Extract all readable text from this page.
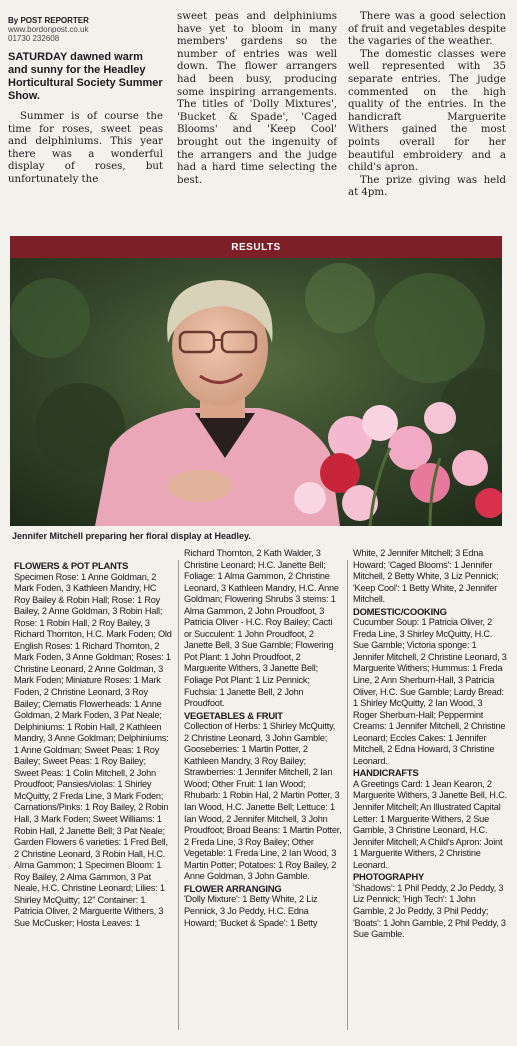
By POST REPORTER
www.bordonpost.co.uk
01730 232608
SATURDAY dawned warm and sunny for the Headley Horticultural Society Summer Show.

Summer is of course the time for roses, sweet peas and delphiniums. This year there was a wonderful display of roses, but unfortunately the

sweet peas and delphiniums have yet to bloom in many members' gardens so the number of entries was well down. The flower arrangers had been busy, producing some inspiring arrangements. The titles of 'Dolly Mixtures', 'Bucket & Spade', 'Caged Blooms' and 'Keep Cool' brought out the ingenuity of the arrangers and the judge had a hard time selecting the best.

There was a good selection of fruit and vegetables despite the vagaries of the weather.

The domestic classes were well represented with 35 separate entries. The judge commented on the high quality of the entries. In the handicraft Marguerite Withers gained the most points overall for her beautiful embroidery and a child's apron.

The prize giving was held at 4pm.

RESULTS
Jennifer Mitchell preparing her floral display at Headley.
FLOWERS & POT PLANTS

Specimen Rose: 1 Anne Goldman, 2 Mark Foden, 3 Kathleen Mandry, HC Roy Bailey & Robin Hall; Rose: 1 Roy Bailey, 2 Anne Goldman, 3 Robin Hall; Rose: 1 Robin Hall, 2 Roy Bailey, 3 Richard Thornton, H.C. Mark Foden; Old English Roses: 1 Richard Thornton, 2 Mark Foden, 3 Anne Goldman; Roses: 1 Christine Leonard, 2 Anne Goldman, 3 Mark Foden; Miniature Roses: 1 Mark Foden, 2 Christine Leonard, 3 Roy Bailey; Clematis Flowerheads: 1 Anne Goldman, 2 Mark Foden, 3 Pat Neale; Delphiniums: 1 Robin Hall, 2 Kathleen Mandry, 3 Anne Goldman; Delphiniums: 1 Anne Goldman; Sweet Peas: 1 Roy Bailey; Sweet Peas: 1 Roy Bailey; Sweet Peas: 1 Colin Mitchell, 2 John Proudfoot; Pansies/violas: 1 Shirley McQuitty, 2 Freda Line, 3 Mark Foden; Carnations/Pinks: 1 Roy Bailey, 2 Robin Hall, 3 Mark Foden; Sweet Williams: 1 Robin Hall, 2 Janette Bell; 3 Pat Neale; Garden Flowers 6 varieties: 1 Fred Bell, 2 Christine Leonard, 3 Robin Hall, H.C. Alma Gammon; 1 Specimen Bloom: 1 Roy Bailey, 2 Alma Gammon, 3 Pat Neale, H.C. Christine Leonard; Lilies: 1 Shirley McQuitty; 12" Container: 1 Patricia Oliver, 2 Marguerite Withers, 3 Sue McCusker; Hosta Leaves: 1

Richard Thornton, 2 Kath Walder, 3 Christine Leonard; H.C. Janette Bell; Foliage: 1 Alma Gammon, 2 Christine Leonard, 3 Kathleen Mandry, H.C. Anne Goldman; Flowering Shrubs 3 stems: 1 Alma Gammon, 2 John Proudfoot, 3 Patricia Oliver - H.C. Roy Bailey; Cacti or Succulent: 1 John Proudfoot, 2 Janette Bell, 3 Sue Gamble; Flowering Pot Plant: 1 John Proudfoot, 2 Marguerite Withers, 3 Janette Bell; Foliage Pot Plant: 1 Liz Pennick; Fuchsia: 1 Janette Bell, 2 John Proudfoot.

VEGETABLES & FRUIT

Collection of Herbs: 1 Shirley McQuitty, 2 Christine Leonard, 3 John Gamble; Gooseberries: 1 Martin Potter, 2 Kathleen Mandry, 3 Roy Bailey; Strawberries: 1 Jennifer Mitchell, 2 Ian Wood; Other Fruit: 1 Ian Wood; Rhubarb: 1 Robin Hal, 2 Martin Potter, 3 Ian Wood, H.C. Janette Bell; Lettuce: 1 Ian Wood, 2 Jennifer Mitchell, 3 John Proudfoot; Broad Beans: 1 Martin Potter, 2 Freda Line, 3 Roy Bailey; Other Vegetable: 1 Freda Line, 2 Ian Wood, 3 Martin Potter; Potatoes: 1 Roy Bailey, 2 Anne Goldman, 3 John Gamble.

FLOWER ARRANGING

'Dolly Mixture': 1 Betty White, 2 Liz Pennick, 3 Jo Peddy, H.C. Edna Howard; 'Bucket & Spade': 1 Betty

White, 2 Jennifer Mitchell; 3 Edna Howard; 'Caged Blooms': 1 Jennifer Mitchell, 2 Betty White, 3 Liz Pennick; 'Keep Cool': 1 Betty White, 2 Jennifer Mitchell.

DOMESTIC/COOKING

Cucumber Soup: 1 Patricia Oliver, 2 Freda Line, 3 Shirley McQuitty, H.C. Sue Gamble; Victoria sponge: 1 Jennifer Mitchell, 2 Christine Leonard, 3 Marguerite Withers; Hummus: 1 Freda Line, 2 Ann Sherburn-Hall, 3 Patricia Oliver, H.C. Sue Gamble; Lardy Bread: 1 Shirley McQuitty, 2 Ian Wood, 3 Roger Sherburn-Hall; Peppermint Creams: 1 Jennifer Mitchell, 2 Christine Leonard; Eccles Cakes: 1 Jennifer Mitchell, 2 Edna Howard, 3 Christine Leonard.

HANDICRAFTS

A Greetings Card: 1 Jean Kearon, 2 Marguerite Withers, 3 Janette Bell, H.C. Jennifer Mitchell; An Illustrated Capital Letter: 1 Marguerite Withers, 2 Sue Gamble, 3 Christine Leonard, H.C. Jennifer Mitchell; A Child's Apron: Joint 1 Marguerite Withers, 2 Christine Leonard.

PHOTOGRAPHY

'Shadows': 1 Phil Peddy, 2 Jo Peddy, 3 Liz Pennick; 'High Tech': 1 John Gamble, 2 Jo Peddy, 3 Phil Peddy; 'Boats': 1 John Gamble, 2 Phil Peddy, 3 Sue Gamble.
